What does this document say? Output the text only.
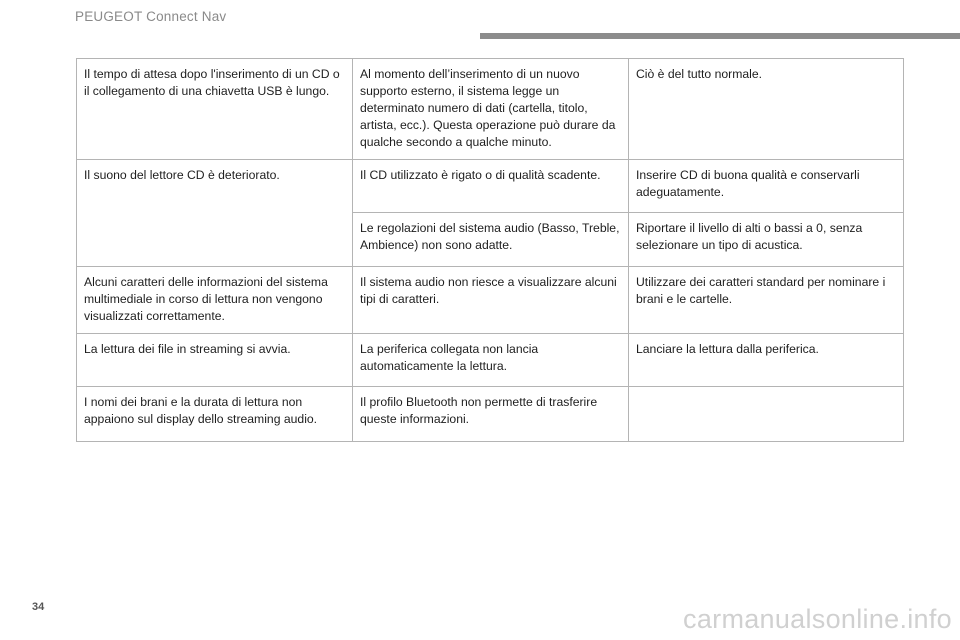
PEUGEOT Connect Nav
Il tempo di attesa dopo l'inserimento di un CD o il collegamento di una chiavetta USB è lungo.	Al momento dell’inserimento di un nuovo supporto esterno, il sistema legge un determinato numero di dati (cartella, titolo, artista, ecc.). Questa operazione può durare da qualche secondo a qualche minuto.	Ciò è del tutto normale.
Il suono del lettore CD è deteriorato.	Il CD utilizzato è rigato o di qualità scadente.	Inserire CD di buona qualità e conservarli adeguatamente.
	Le regolazioni del sistema audio (Basso, Treble, Ambience) non sono adatte.	Riportare il livello di alti o bassi a 0, senza selezionare un tipo di acustica.
Alcuni caratteri delle informazioni del sistema multimediale in corso di lettura non vengono visualizzati correttamente.	Il sistema audio non riesce a visualizzare alcuni tipi di caratteri.	Utilizzare dei caratteri standard per nominare i brani e le cartelle.
La lettura dei file in streaming si avvia.	La periferica collegata non lancia automaticamente la lettura.	Lanciare la lettura dalla periferica.
I nomi dei brani e la durata di lettura non appaiono sul display dello streaming audio.	Il profilo Bluetooth non permette di trasferire queste informazioni.	
34	carmanualsonline.info
